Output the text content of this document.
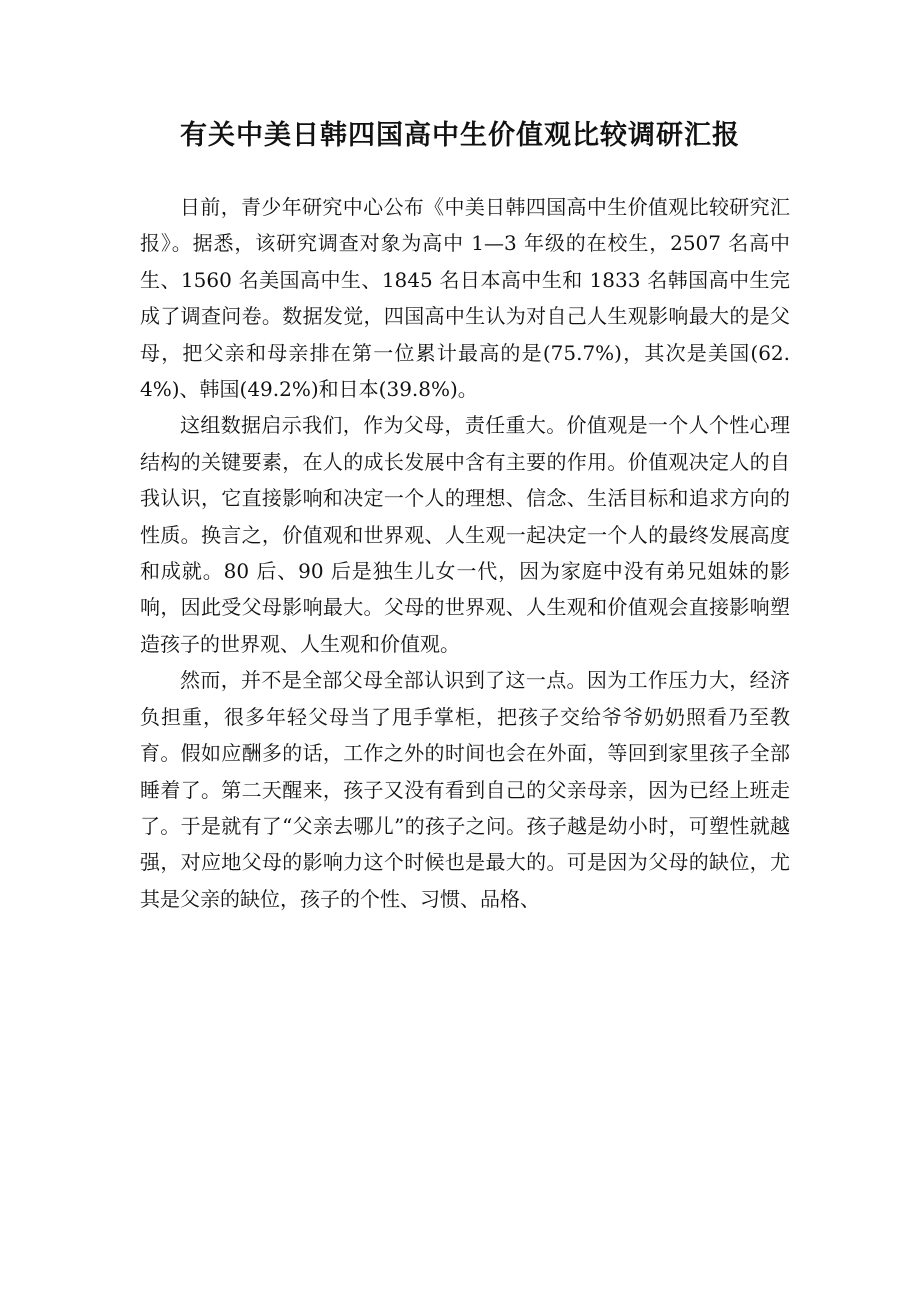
有关中美日韩四国高中生价值观比较调研汇报

日前，青少年研究中心公布《中美日韩四国高中生价值观比较研究汇报》。据悉，该研究调查对象为高中 1—3 年级的在校生，2507 名高中生、1560 名美国高中生、1845 名日本高中生和 1833 名韩国高中生完成了调查问卷。数据发觉，四国高中生认为对自己人生观影响最大的是父母，把父亲和母亲排在第一位累计最高的是(75.7%)，其次是美国(62.4%)、韩国(49.2%)和日本(39.8%)。

这组数据启示我们，作为父母，责任重大。价值观是一个人个性心理结构的关键要素，在人的成长发展中含有主要的作用。价值观决定人的自我认识，它直接影响和决定一个人的理想、信念、生活目标和追求方向的性质。换言之，价值观和世界观、人生观一起决定一个人的最终发展高度和成就。80 后、90 后是独生儿女一代，因为家庭中没有弟兄姐妹的影响，因此受父母影响最大。父母的世界观、人生观和价值观会直接影响塑造孩子的世界观、人生观和价值观。

然而，并不是全部父母全部认识到了这一点。因为工作压力大，经济负担重，很多年轻父母当了甩手掌柜，把孩子交给爷爷奶奶照看乃至教育。假如应酬多的话，工作之外的时间也会在外面，等回到家里孩子全部睡着了。第二天醒来，孩子又没有看到自己的父亲母亲，因为已经上班走了。于是就有了“父亲去哪儿”的孩子之问。孩子越是幼小时，可塑性就越强，对应地父母的影响力这个时候也是最大的。可是因为父母的缺位，尤其是父亲的缺位，孩子的个性、习惯、品格、
